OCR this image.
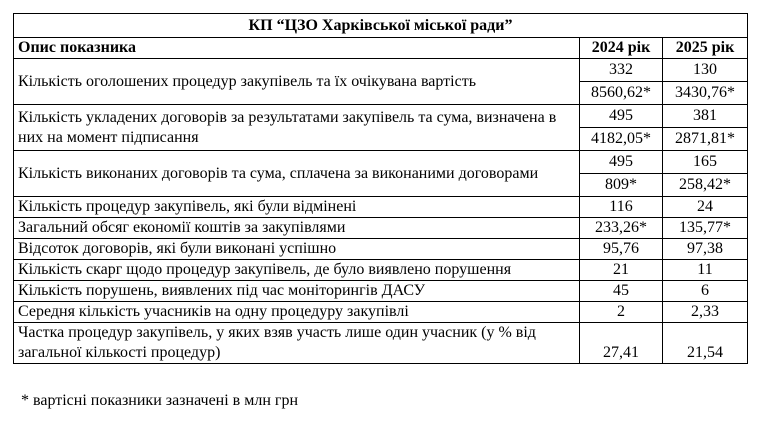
КП “ЦЗО Харківської міської ради”		
Опис показника	2024 рік	2025 рік
Кількість оголошених процедур закупівель та їх очікувана вартість	332	130
	8560,62*	3430,76*
Кількість укладених договорів за результатами закупівель та сума, визначена в них на момент підписання	495	381
	4182,05*	2871,81*
Кількість виконаних договорів та сума, сплачена за виконаними договорами	495	165
	809*	258,42*
Кількість процедур закупівель, які були відмінені	116	24
Загальний обсяг економії коштів за закупівлями	233,26*	135,77*
Відсоток договорів, які були виконані успішно	95,76	97,38
Кількість скарг щодо процедур закупівель, де було виявлено порушення	21	11
Кількість порушень, виявлених під час моніторингів ДАСУ	45	6
Середня кількість учасників на одну процедуру закупівлі	2	2,33
Частка процедур закупівель, у яких взяв участь лише один учасник (у % від загальної кількості процедур)	27,41	21,54
* вартісні показники зазначені в млн грн
